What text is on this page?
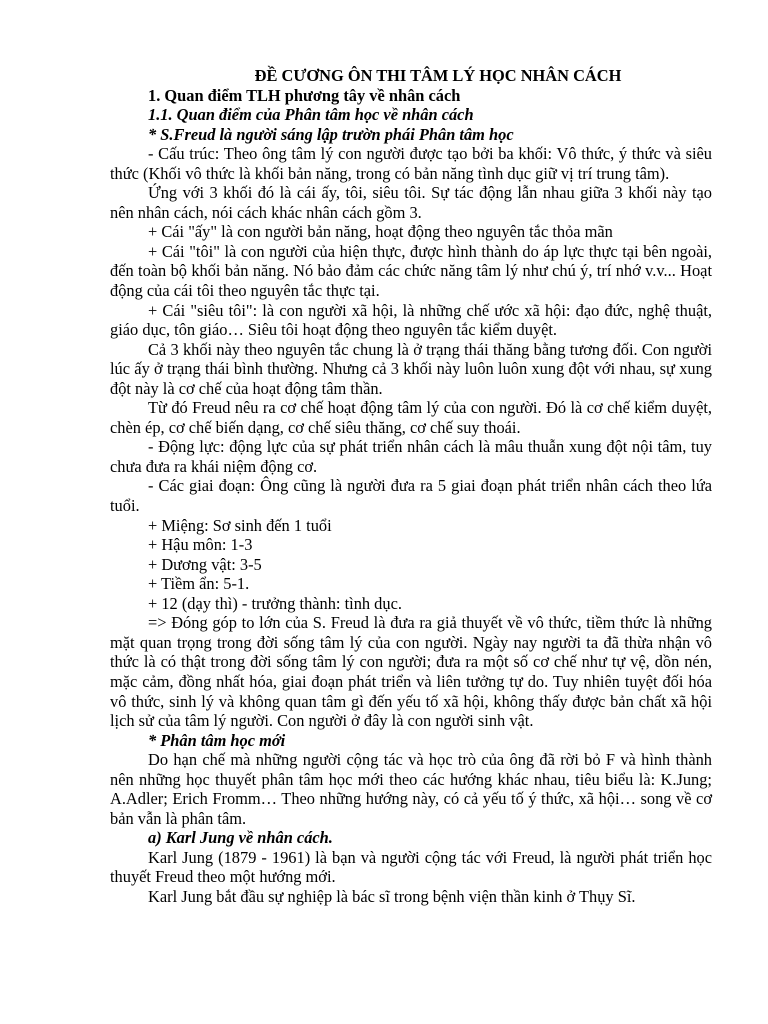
ĐỀ CƯƠNG ÔN THI TÂM LÝ HỌC NHÂN CÁCH

1. Quan điểm TLH phương tây về nhân cách

1.1. Quan điểm của Phân tâm học về nhân cách

* S.Freud là người sáng lập trườn phái Phân tâm học

- Cấu trúc: Theo ông tâm lý con người được tạo bởi ba khối: Vô thức, ý thức và siêu thức (Khối vô thức là khối bản năng, trong có bản năng tình dục giữ vị trí trung tâm).

Ứng với 3 khối đó là cái ấy, tôi, siêu tôi. Sự tác động lẫn nhau giữa 3 khối này tạo nên nhân cách, nói cách khác nhân cách gồm 3.

+ Cái "ấy" là con người bản năng, hoạt động theo nguyên tắc thỏa mãn

+ Cái "tôi" là con người của hiện thực, được hình thành do áp lực thực tại bên ngoài, đến toàn bộ khối bản năng. Nó bảo đảm các chức năng tâm lý như chú ý, trí nhớ v.v... Hoạt động của cái tôi theo nguyên tắc thực tại.

+ Cái "siêu tôi": là con người xã hội, là những chế ước xã hội: đạo đức, nghệ thuật, giáo dục, tôn giáo… Siêu tôi hoạt động theo nguyên tắc kiểm duyệt.

Cả 3 khối này theo nguyên tắc chung là ở trạng thái thăng bằng tương đối. Con người lúc ấy ở trạng thái bình thường. Nhưng cả 3 khối này luôn luôn xung đột với nhau, sự xung đột này là cơ chế của hoạt động tâm thần.

Từ đó Freud nêu ra cơ chế hoạt động tâm lý của con người. Đó là cơ chế kiểm duyệt, chèn ép, cơ chế biến dạng, cơ chế siêu thăng, cơ chế suy thoái.

- Động lực: động lực của sự phát triển nhân cách là mâu thuẫn xung đột nội tâm, tuy chưa đưa ra khái niệm động cơ.

- Các giai đoạn: Ông cũng là người đưa ra 5 giai đoạn phát triển nhân cách theo lứa tuổi.

+ Miệng: Sơ sinh đến 1 tuổi

+ Hậu môn: 1-3

+ Dương vật: 3-5

+ Tiềm ẩn: 5-1.

+ 12 (dạy thì) - trưởng thành: tình dục.

=> Đóng góp to lớn của S. Freud là đưa ra giả thuyết về vô thức, tiềm thức là những mặt quan trọng trong đời sống tâm lý của con người. Ngày nay người ta đã thừa nhận vô thức là có thật trong đời sống tâm lý con người; đưa ra một số cơ chế như tự vệ, dồn nén, mặc cảm, đồng nhất hóa, giai đoạn phát triển và liên tưởng tự do. Tuy nhiên tuyệt đối hóa vô thức, sinh lý và không quan tâm gì đến yếu tố xã hội, không thấy được bản chất xã hội lịch sử của tâm lý người. Con người ở đây là con người sinh vật.

* Phân tâm học mới

Do hạn chế mà những người cộng tác và học trò của ông đã rời bỏ F và hình thành nên những học thuyết phân tâm học mới theo các hướng khác nhau, tiêu biểu là: K.Jung; A.Adler; Erich Fromm… Theo những hướng này, có cả yếu tố ý thức, xã hội… song về cơ bản vẫn là phân tâm.

a) Karl Jung về nhân cách.

Karl Jung (1879 - 1961) là bạn và người cộng tác với Freud, là người phát triển học thuyết Freud theo một hướng mới.

Karl Jung bắt đầu sự nghiệp là bác sĩ trong bệnh viện thần kinh ở Thụy Sĩ.
